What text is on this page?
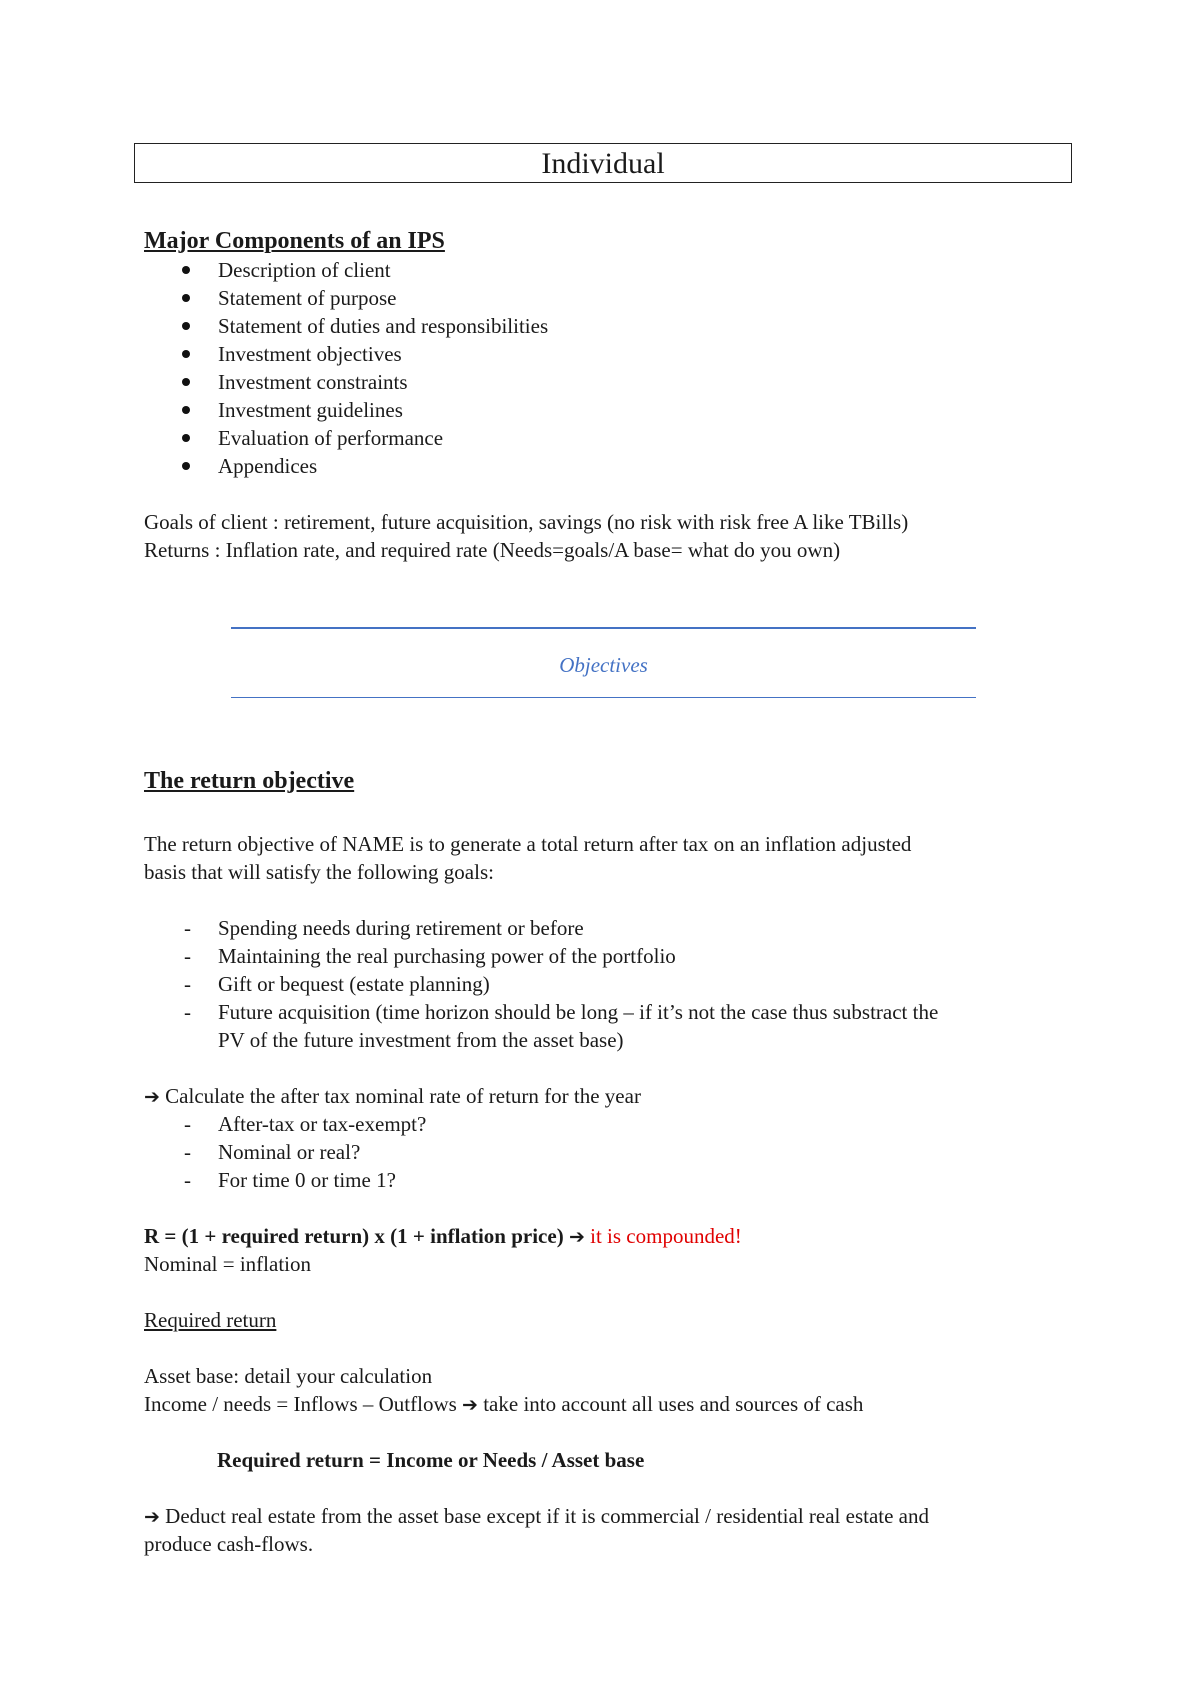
Individual
Major Components of an IPS
Description of client
Statement of purpose
Statement of duties and responsibilities
Investment objectives
Investment constraints
Investment guidelines
Evaluation of performance
Appendices
Goals of client : retirement, future acquisition, savings (no risk with risk free A like TBills)
Returns : Inflation rate, and required rate (Needs=goals/A base= what do you own)
Objectives
The return objective
The return objective of NAME is to generate a total return after tax on an inflation adjusted
basis that will satisfy the following goals:
- Spending needs during retirement or before
- Maintaining the real purchasing power of the portfolio
- Gift or bequest (estate planning)
- Future acquisition (time horizon should be long – if it’s not the case thus substract the
PV of the future investment from the asset base)
➔ Calculate the after tax nominal rate of return for the year
- After-tax or tax-exempt?
- Nominal or real?
- For time 0 or time 1?
R = (1 + required return) x (1 + inflation price) ➔ it is compounded!
Nominal = inflation
Required return
Asset base: detail your calculation
Income / needs = Inflows – Outflows ➔ take into account all uses and sources of cash
Required return = Income or Needs / Asset base
➔ Deduct real estate from the asset base except if it is commercial / residential real estate and
produce cash-flows.
